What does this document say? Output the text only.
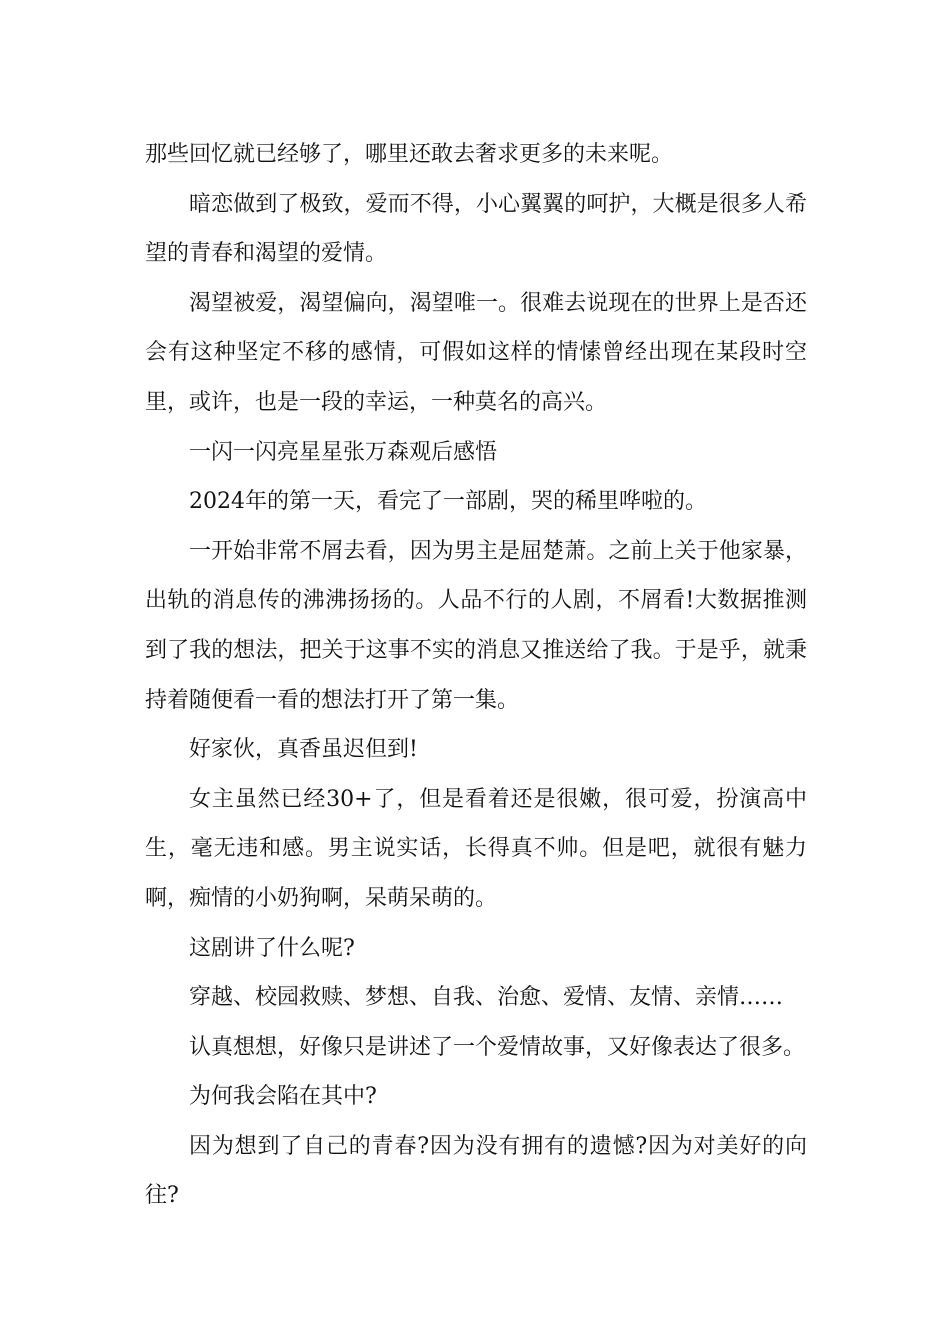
那些回忆就已经够了，哪里还敢去奢求更多的未来呢。

暗恋做到了极致，爱而不得，小心翼翼的呵护，大概是很多人希望的青春和渴望的爱情。

渴望被爱，渴望偏向，渴望唯一。很难去说现在的世界上是否还会有这种坚定不移的感情，可假如这样的情愫曾经出现在某段时空里，或许，也是一段的幸运，一种莫名的高兴。

一闪一闪亮星星张万森观后感悟

2024年的第一天，看完了一部剧，哭的稀里哗啦的。

一开始非常不屑去看，因为男主是屈楚萧。之前上关于他家暴，出轨的消息传的沸沸扬扬的。人品不行的人剧，不屑看!大数据推测到了我的想法，把关于这事不实的消息又推送给了我。于是乎，就秉持着随便看一看的想法打开了第一集。

好家伙，真香虽迟但到!

女主虽然已经30+了，但是看着还是很嫩，很可爱，扮演高中生，毫无违和感。男主说实话，长得真不帅。但是吧，就很有魅力啊，痴情的小奶狗啊，呆萌呆萌的。

这剧讲了什么呢?

穿越、校园救赎、梦想、自我、治愈、爱情、友情、亲情……

认真想想，好像只是讲述了一个爱情故事，又好像表达了很多。

为何我会陷在其中?

因为想到了自己的青春?因为没有拥有的遗憾?因为对美好的向往?
